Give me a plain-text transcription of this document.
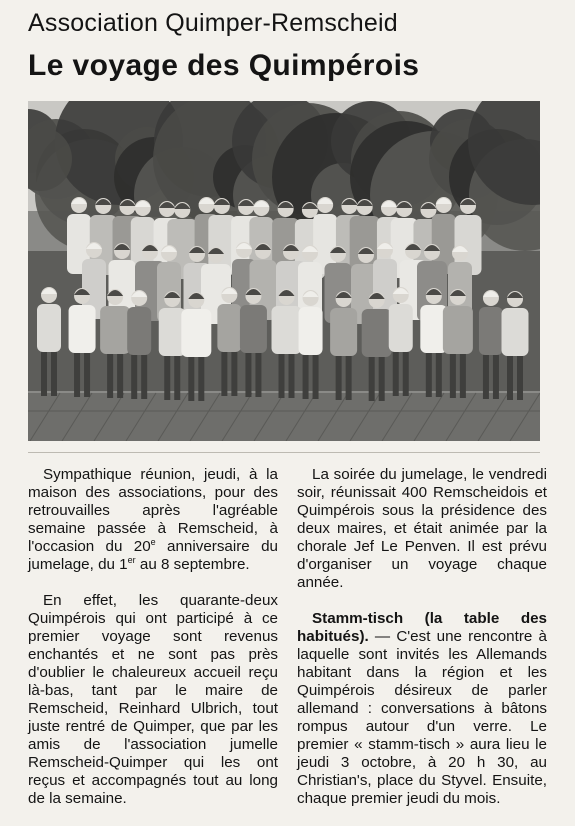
Association Quimper-Remscheid
Le voyage des Quimpérois

Sympathique réunion, jeudi, à la maison des associations, pour des retrouvailles après l'agréable semaine passée à Remscheid, à l'occasion du 20e anniversaire du jumelage, du 1er au 8 septembre.

En effet, les quarante-deux Quimpérois qui ont participé à ce premier voyage sont revenus enchantés et ne sont pas près d'oublier le chaleureux accueil reçu là-bas, tant par le maire de Remscheid, Reinhard Ulbrich, tout juste rentré de Quimper, que par les amis de l'association jumelle Remscheid-Quimper qui les ont reçus et accompagnés tout au long de la semaine.

La soirée du jumelage, le vendredi soir, réunissait 400 Remscheidois et Quimpérois sous la présidence des deux maires, et était animée par la chorale Jef Le Penven. Il est prévu d'organiser un voyage chaque année.

Stamm-tisch (la table des habitués). — C'est une rencontre à laquelle sont invités les Allemands habitant dans la région et les Quimpérois désireux de parler allemand : conversations à bâtons rompus autour d'un verre. Le premier « stamm-tisch » aura lieu le jeudi 3 octobre, à 20 h 30, au Christian's, place du Styvel. Ensuite, chaque premier jeudi du mois.
